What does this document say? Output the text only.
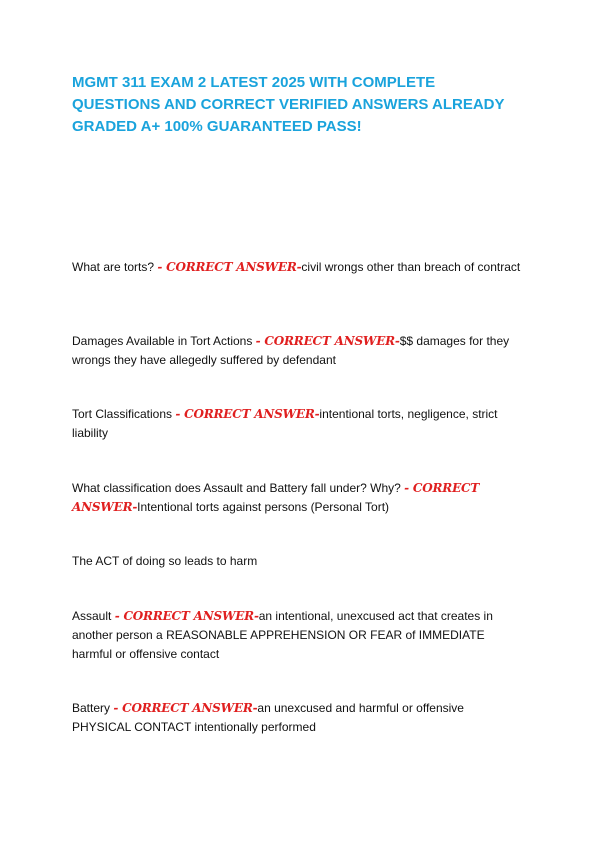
MGMT 311 EXAM 2 LATEST 2025 WITH COMPLETE QUESTIONS AND CORRECT VERIFIED ANSWERS ALREADY GRADED A+ 100% GUARANTEED PASS!

What are torts? - CORRECT ANSWER-civil wrongs other than breach of contract

Damages Available in Tort Actions - CORRECT ANSWER-$$ damages for they wrongs they have allegedly suffered by defendant

Tort Classifications - CORRECT ANSWER-intentional torts, negligence, strict liability

What classification does Assault and Battery fall under? Why? - CORRECT ANSWER-Intentional torts against persons (Personal Tort)

The ACT of doing so leads to harm

Assault - CORRECT ANSWER-an intentional, unexcused act that creates in another person a REASONABLE APPREHENSION OR FEAR of IMMEDIATE harmful or offensive contact

Battery - CORRECT ANSWER-an unexcused and harmful or offensive PHYSICAL CONTACT intentionally performed
